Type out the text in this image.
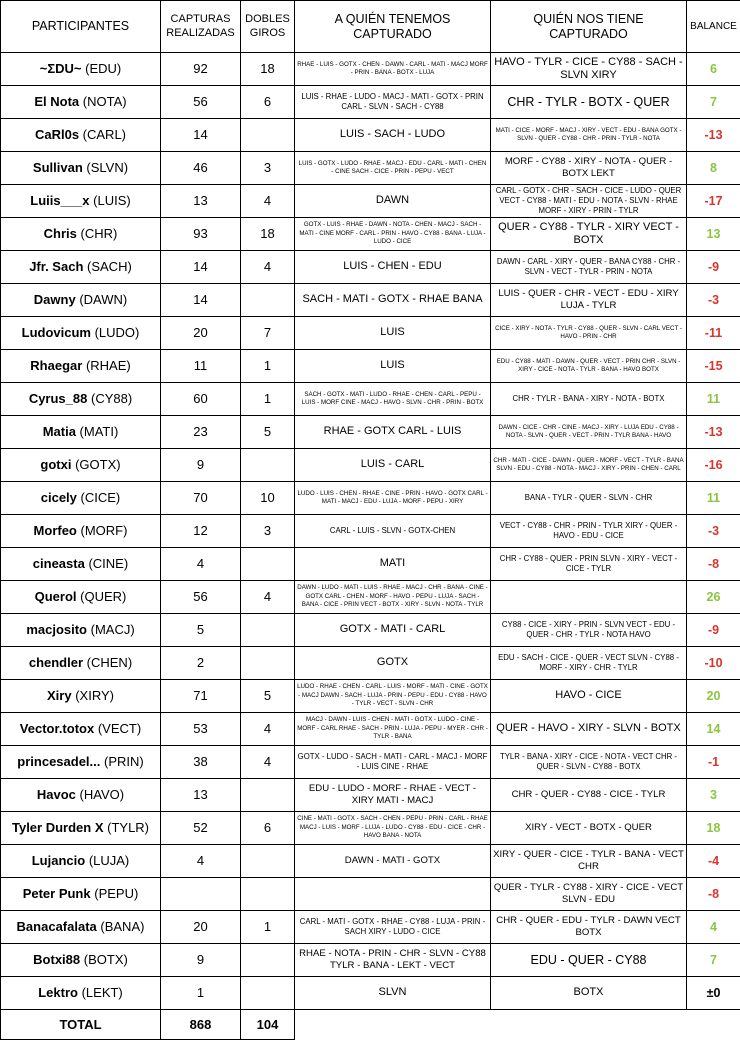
PARTICIPANTES	CAPTURAS REALIZADAS	DOBLES GIROS	A QUIÉN TENEMOS CAPTURADO	QUIÉN NOS TIENE CAPTURADO	BALANCE
~ΣDU~ (EDU)	92	18	RHAE - LUIS - GOTX - CHEN - DAWN - CARL - MATI - MACJ MORF - PRIN - BANA - BOTX - LUJA	HAVO - TYLR - CICE - CY88 - SACH - SLVN XIRY	6
El Nota (NOTA)	56	6	LUIS - RHAE - LUDO - MACJ - MATI - GOTX - PRIN CARL - SLVN - SACH - CY88	CHR - TYLR - BOTX - QUER	7
CaRl0s (CARL)	14		LUIS - SACH - LUDO	MATI - CICE - MORF - MACJ - XIRY - VECT - EDU - BANA GOTX - SLVN - QUER - CY88 - CHR - PRIN - TYLR - NOTA	-13
Sullivan (SLVN)	46	3	LUIS - GOTX - LUDO - RHAE - MACJ - EDU - CARL - MATI - CHEN - CINE SACH - CICE - PRIN - PEPU - VECT	MORF - CY88 - XIRY - NOTA - QUER - BOTX LEKT	8
Luiis___x (LUIS)	13	4	DAWN	CARL - GOTX - CHR - SACH - CICE - LUDO - QUER VECT - CY88 - MATI - EDU - NOTA - SLVN - RHAE MORF - XIRY - PRIN - TYLR	-17
Chris (CHR)	93	18	GOTX - LUIS - RHAE - DAWN - NOTA - CHEN - MACJ - SACH - MATI - CINE MORF - CARL - PRIN - HAVO - CY88 - BANA - LUJA - LUDO - CICE	QUER - CY88 - TYLR - XIRY VECT - BOTX	13
Jfr. Sach (SACH)	14	4	LUIS - CHEN - EDU	DAWN - CARL - XIRY - QUER - BANA CY88 - CHR - SLVN - VECT - TYLR - PRIN - NOTA	-9
Dawny (DAWN)	14		SACH - MATI - GOTX - RHAE BANA	LUIS - QUER - CHR - VECT - EDU - XIRY LUJA - TYLR	-3
Ludovicum (LUDO)	20	7	LUIS	CICE - XIRY - NOTA - TYLR - CY88 - QUER - SLVN - CARL VECT - HAVO - PRIN - CHR	-11
Rhaegar (RHAE)	11	1	LUIS	EDU - CY88 - MATI - DAWN - QUER - VECT - PRIN CHR - SLVN - XIRY - CICE - NOTA - TYLR - BANA - HAVO BOTX	-15
Cyrus_88 (CY88)	60	1	SACH - GOTX - MATI - LUDO - RHAE - CHEN - CARL - PEPU - LUIS - MORF CINE - MACJ - HAVO - SLVN - CHR - PRIN - BOTX	CHR - TYLR - BANA - XIRY - NOTA - BOTX	11
Matia (MATI)	23	5	RHAE - GOTX CARL - LUIS	DAWN - CICE - CHR - CINE - MACJ - XIRY - LUJA EDU - CY88 - NOTA - SLVN - QUER - VECT - PRIN - TYLR BANA - HAVO	-13
gotxi (GOTX)	9		LUIS - CARL	CHR - MATI - CICE - DAWN - QUER - MORF - VECT - TYLR - BANA SLVN - EDU - CY88 - NOTA - MACJ - XIRY - PRIN - CHEN - CARL	-16
cicely (CICE)	70	10	LUDO - LUIS - CHEN - RHAE - CINE - PRIN - HAVO - GOTX CARL - MATI - MACJ - EDU - LUJA - MORF - PEPU - XIRY	BANA - TYLR - QUER - SLVN - CHR	11
Morfeo (MORF)	12	3	CARL - LUIS - SLVN - GOTX-CHEN	VECT - CY88 - CHR - PRIN - TYLR XIRY - QUER - HAVO - EDU - CICE	-3
cineasta (CINE)	4		MATI	CHR - CY88 - QUER - PRIN SLVN - XIRY - VECT - CICE - TYLR	-8
Querol (QUER)	56	4	DAWN - LUDO - MATI - LUIS - RHAE - MACJ - CHR - BANA - CINE - GOTX CARL - CHEN - MORF - HAVO - PEPU - LUJA - SACH - BANA - CICE - PRIN VECT - BOTX - XIRY - SLVN - NOTA - TYLR		26
macjosito (MACJ)	5		GOTX - MATI - CARL	CY88 - CICE - XIRY - PRIN - SLVN VECT - EDU - QUER - CHR - TYLR - NOTA HAVO	-9
chendler (CHEN)	2		GOTX	EDU - SACH - CICE - QUER - VECT SLVN - CY88 - MORF - XIRY - CHR - TYLR	-10
Xiry (XIRY)	71	5	LUDO - RHAE - CHEN - CARL - LUIS - MORF - MATI - CINE - GOTX - MACJ DAWN - SACH - LUJA - PRIN - PEPU - EDU - CY88 - HAVO - TYLR - VECT - SLVN - CHR	HAVO - CICE	20
Vector.totox (VECT)	53	4	MACJ - DAWN - LUIS - CHEN - MATI - GOTX - LUDO - CINE - MORF - CARL RHAE - SACH - PRIN - LUJA - PEPU - MYER - CHR - TYLR - BANA	QUER - HAVO - XIRY - SLVN - BOTX	14
princesadel... (PRIN)	38	4	GOTX - LUDO - SACH - MATI - CARL - MACJ - MORF - LUIS CINE - RHAE	TYLR - BANA - XIRY - CICE - NOTA - VECT CHR - QUER - SLVN - CY88 - BOTX	-1
Havoc (HAVO)	13		EDU - LUDO - MORF - RHAE - VECT - XIRY MATI - MACJ	CHR - QUER - CY88 - CICE - TYLR	3
Tyler Durden X (TYLR)	52	6	CINE - MATI - GOTX - SACH - CHEN - PEPU - PRIN - CARL - RHAE MACJ - LUIS - MORF - LUJA - LUDO - CY88 - EDU - CICE - CHR - HAVO BANA - NOTA	XIRY - VECT - BOTX - QUER	18
Lujancio (LUJA)	4		DAWN - MATI - GOTX	XIRY - QUER - CICE - TYLR - BANA - VECT CHR	-4
Peter Punk (PEPU)				QUER - TYLR - CY88 - XIRY - CICE - VECT SLVN - EDU	-8
Banacafalata (BANA)	20	1	CARL - MATI - GOTX - RHAE - CY88 - LUJA - PRIN - SACH XIRY - LUDO - CICE	CHR - QUER - EDU - TYLR - DAWN VECT BOTX	4
Botxi88 (BOTX)	9		RHAE - NOTA - PRIN - CHR - SLVN - CY88 TYLR - BANA - LEKT - VECT	EDU - QUER - CY88	7
Lektro (LEKT)	1		SLVN	BOTX	±0
TOTAL	868	104			
